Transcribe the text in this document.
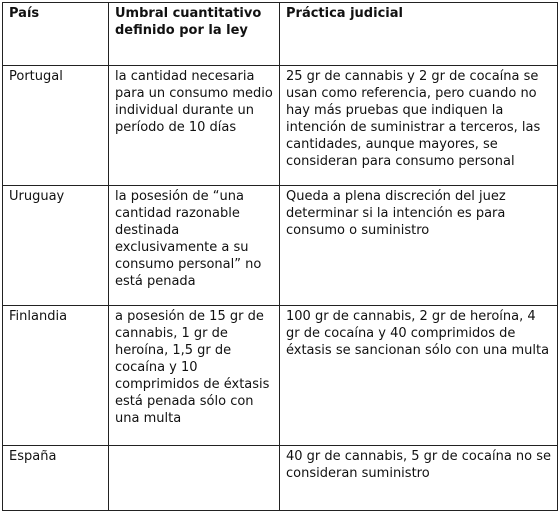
País	Umbral cuantitativo definido por la ley	Práctica judicial
Portugal	la cantidad necesaria para un consumo medio individual durante un período de 10 días	25 gr de cannabis y 2 gr de cocaína se usan como referencia, pero cuando no hay más pruebas que indiquen la intención de suministrar a terceros, las cantidades, aunque mayores, se consideran para consumo personal
Uruguay	la posesión de “una cantidad razonable destinada exclusivamente a su consumo personal” no está penada	Queda a plena discreción del juez determinar si la intención es para consumo o suministro
Finlandia	a posesión de 15 gr de cannabis, 1 gr de heroína, 1,5 gr de cocaína y 10 comprimidos de éxtasis está penada sólo con una multa	100 gr de cannabis, 2 gr de heroína, 4 gr de cocaína y 40 comprimidos de éxtasis se sancionan sólo con una multa
España		40 gr de cannabis, 5 gr de cocaína no se consideran suministro
